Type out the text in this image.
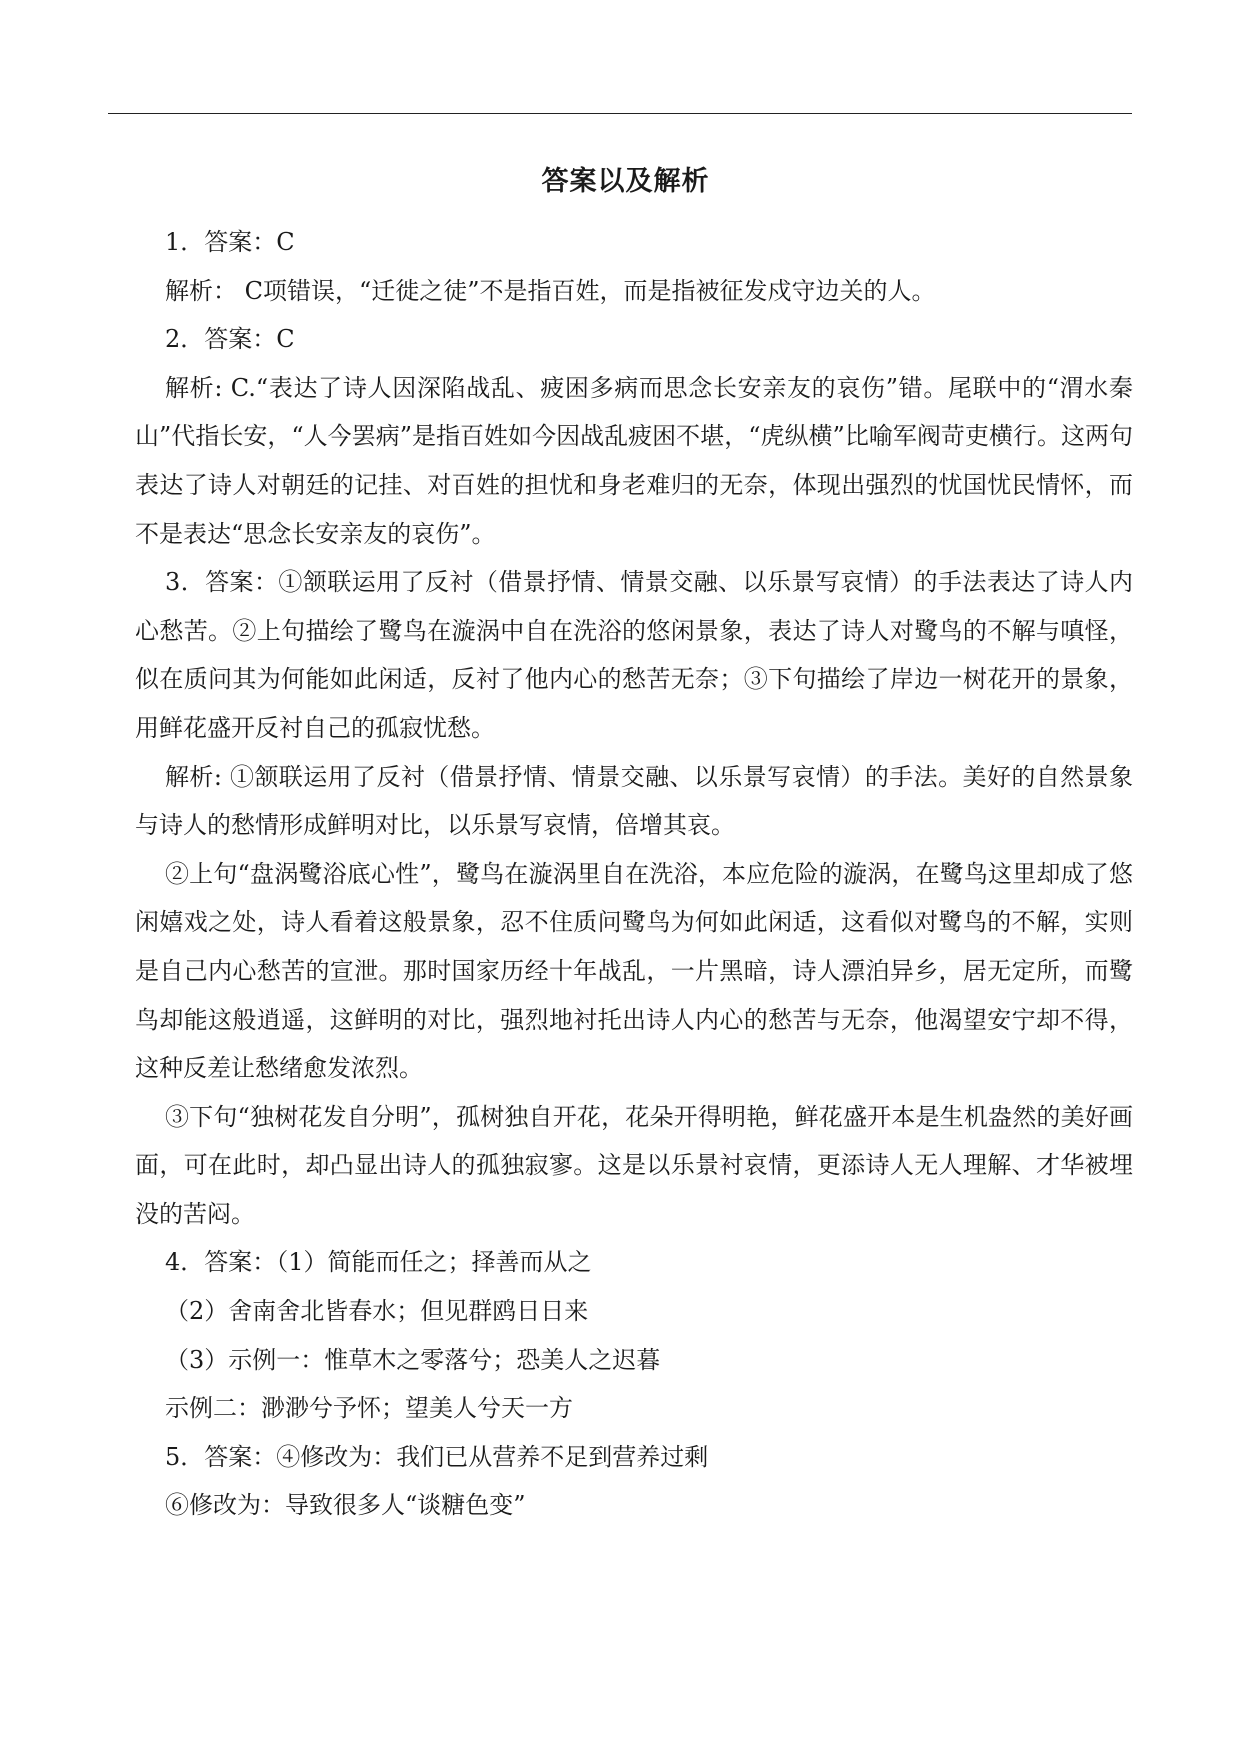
答案以及解析

1．答案：C

解析： C项错误，“迁徙之徒”不是指百姓，而是指被征发戍守边关的人。

2．答案：C

解析: C.“表达了诗人因深陷战乱、疲困多病而思念长安亲友的哀伤”错。尾联中的“渭水秦山”代指长安，“人今罢病”是指百姓如今因战乱疲困不堪，“虎纵横”比喻军阀苛吏横行。这两句表达了诗人对朝廷的记挂、对百姓的担忧和身老难归的无奈，体现出强烈的忧国忧民情怀，而不是表达“思念长安亲友的哀伤”。

3．答案：①颔联运用了反衬（借景抒情、情景交融、以乐景写哀情）的手法表达了诗人内心愁苦。②上句描绘了鹭鸟在漩涡中自在洗浴的悠闲景象，表达了诗人对鹭鸟的不解与嗔怪，似在质问其为何能如此闲适，反衬了他内心的愁苦无奈；③下句描绘了岸边一树花开的景象，用鲜花盛开反衬自己的孤寂忧愁。

解析: ①颔联运用了反衬（借景抒情、情景交融、以乐景写哀情）的手法。美好的自然景象与诗人的愁情形成鲜明对比，以乐景写哀情，倍增其哀。

②上句“盘涡鹭浴底心性”，鹭鸟在漩涡里自在洗浴，本应危险的漩涡，在鹭鸟这里却成了悠闲嬉戏之处，诗人看着这般景象，忍不住质问鹭鸟为何如此闲适，这看似对鹭鸟的不解，实则是自己内心愁苦的宣泄。那时国家历经十年战乱，一片黑暗，诗人漂泊异乡，居无定所，而鹭鸟却能这般逍遥，这鲜明的对比，强烈地衬托出诗人内心的愁苦与无奈，他渴望安宁却不得，这种反差让愁绪愈发浓烈。

③下句“独树花发自分明”，孤树独自开花，花朵开得明艳，鲜花盛开本是生机盎然的美好画面，可在此时，却凸显出诗人的孤独寂寥。这是以乐景衬哀情，更添诗人无人理解、才华被埋没的苦闷。

4．答案：（1）简能而任之；择善而从之

（2）舍南舍北皆春水；但见群鸥日日来

（3）示例一：惟草木之零落兮；恐美人之迟暮

示例二：渺渺兮予怀；望美人兮天一方

5．答案：④修改为：我们已从营养不足到营养过剩

⑥修改为：导致很多人“谈糖色变”
